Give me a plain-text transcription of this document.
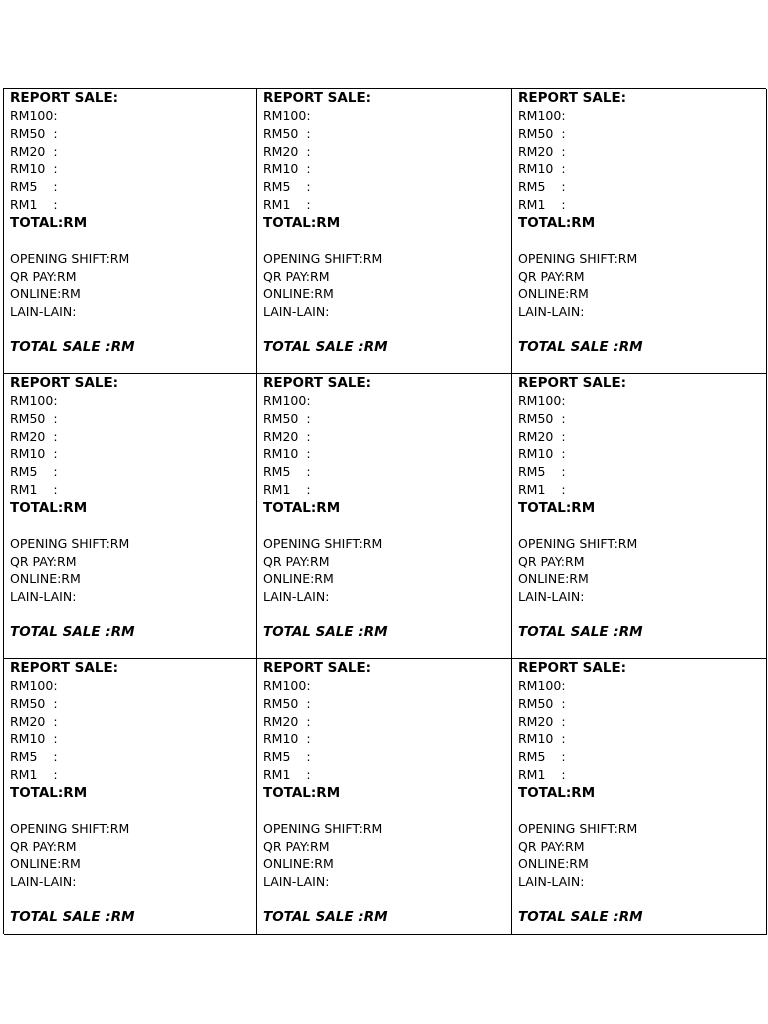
REPORT SALE:
RM100:
RM50  :
RM20  :
RM10  :
RM5    :
RM1    :
TOTAL:RM
OPENING SHIFT:RM
QR PAY:RM
ONLINE:RM
LAIN-LAIN:
TOTAL SALE :RM
REPORT SALE:
RM100:
RM50  :
RM20  :
RM10  :
RM5    :
RM1    :
TOTAL:RM
OPENING SHIFT:RM
QR PAY:RM
ONLINE:RM
LAIN-LAIN:
TOTAL SALE :RM
REPORT SALE:
RM100:
RM50  :
RM20  :
RM10  :
RM5    :
RM1    :
TOTAL:RM
OPENING SHIFT:RM
QR PAY:RM
ONLINE:RM
LAIN-LAIN:
TOTAL SALE :RM
REPORT SALE:
RM100:
RM50  :
RM20  :
RM10  :
RM5    :
RM1    :
TOTAL:RM
OPENING SHIFT:RM
QR PAY:RM
ONLINE:RM
LAIN-LAIN:
TOTAL SALE :RM
REPORT SALE:
RM100:
RM50  :
RM20  :
RM10  :
RM5    :
RM1    :
TOTAL:RM
OPENING SHIFT:RM
QR PAY:RM
ONLINE:RM
LAIN-LAIN:
TOTAL SALE :RM
REPORT SALE:
RM100:
RM50  :
RM20  :
RM10  :
RM5    :
RM1    :
TOTAL:RM
OPENING SHIFT:RM
QR PAY:RM
ONLINE:RM
LAIN-LAIN:
TOTAL SALE :RM
REPORT SALE:
RM100:
RM50  :
RM20  :
RM10  :
RM5    :
RM1    :
TOTAL:RM
OPENING SHIFT:RM
QR PAY:RM
ONLINE:RM
LAIN-LAIN:
TOTAL SALE :RM
REPORT SALE:
RM100:
RM50  :
RM20  :
RM10  :
RM5    :
RM1    :
TOTAL:RM
OPENING SHIFT:RM
QR PAY:RM
ONLINE:RM
LAIN-LAIN:
TOTAL SALE :RM
REPORT SALE:
RM100:
RM50  :
RM20  :
RM10  :
RM5    :
RM1    :
TOTAL:RM
OPENING SHIFT:RM
QR PAY:RM
ONLINE:RM
LAIN-LAIN:
TOTAL SALE :RM
